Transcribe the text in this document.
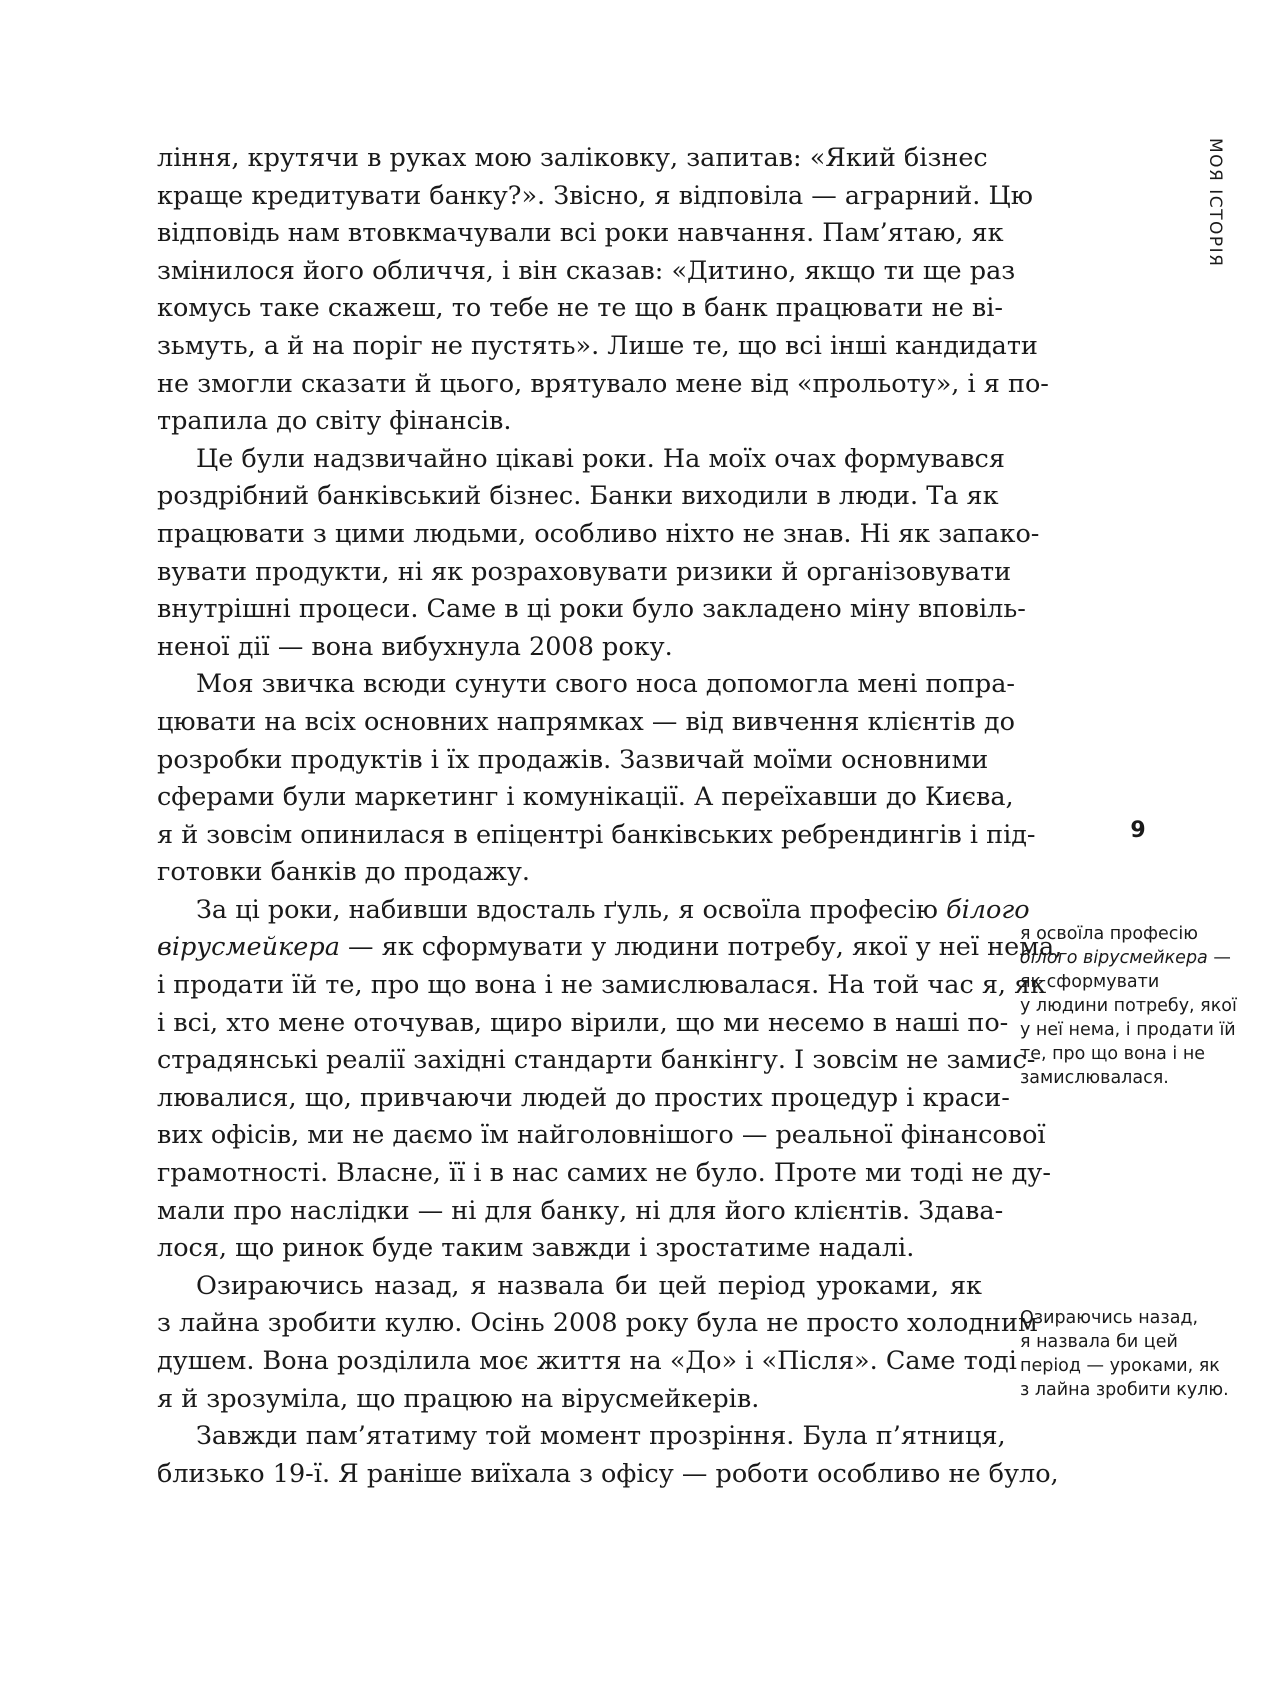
МОЯ ІСТОРІЯ
9
ління, крутячи в руках мою заліковку, запитав: «Який бізнес
краще кредитувати банку?». Звісно, я відповіла — аграрний. Цю
відповідь нам втовкмачували всі роки навчання. Пам’ятаю, як
змінилося його обличчя, і він сказав: «Дитино, якщо ти ще раз
комусь таке скажеш, то тебе не те що в банк працювати не ві-
зьмуть, а й на поріг не пустять». Лише те, що всі інші кандидати
не змогли сказати й цього, врятувало мене від «прольоту», і я по-
трапила до світу фінансів.
Це були надзвичайно цікаві роки. На моїх очах формувався
роздрібний банківський бізнес. Банки виходили в люди. Та як
працювати з цими людьми, особливо ніхто не знав. Ні як запако-
вувати продукти, ні як розраховувати ризики й організовувати
внутрішні процеси. Саме в ці роки було закладено міну вповіль-
неної дії — вона вибухнула 2008 року.
Моя звичка всюди сунути свого носа допомогла мені попра-
цювати на всіх основних напрямках — від вивчення клієнтів до
розробки продуктів і їх продажів. Зазвичай моїми основними
сферами були маркетинг і комунікації. А переїхавши до Києва,
я й зовсім опинилася в епіцентрі банківських ребрендингів і під-
готовки банків до продажу.
За ці роки, набивши вдосталь ґуль, я освоїла професію білого
вірусмейкера — як сформувати у людини потребу, якої у неї нема,
і продати їй те, про що вона і не замислювалася. На той час я, як
і всі, хто мене оточував, щиро вірили, що ми несемо в наші по-
страдянські реалії західні стандарти банкінгу. І зовсім не замис-
лювалися, що, привчаючи людей до простих процедур і краси-
вих офісів, ми не даємо їм найголовнішого — реальної фінансової
грамотності. Власне, її і в нас самих не було. Проте ми тоді не ду-
мали про наслідки — ні для банку, ні для його клієнтів. Здава-
лося, що ринок буде таким завжди і зростатиме надалі.
Озираючись назад, я назвала би цей період уроками, як
з лайна зробити кулю. Осінь 2008 року була не просто холодним
душем. Вона розділила моє життя на «До» і «Після». Саме тоді
я й зрозуміла, що працюю на вірусмейкерів.
Завжди пам’ятатиму той момент прозріння. Була п’ятниця,
близько 19-ї. Я раніше виїхала з офісу — роботи особливо не було,
я освоїла професію
білого вірусмейкера —
як сформувати
у людини потребу, якої
у неї нема, і продати їй
те, про що вона і не
замислювалася.
Озираючись назад,
я назвала би цей
період — уроками, як
з лайна зробити кулю.
